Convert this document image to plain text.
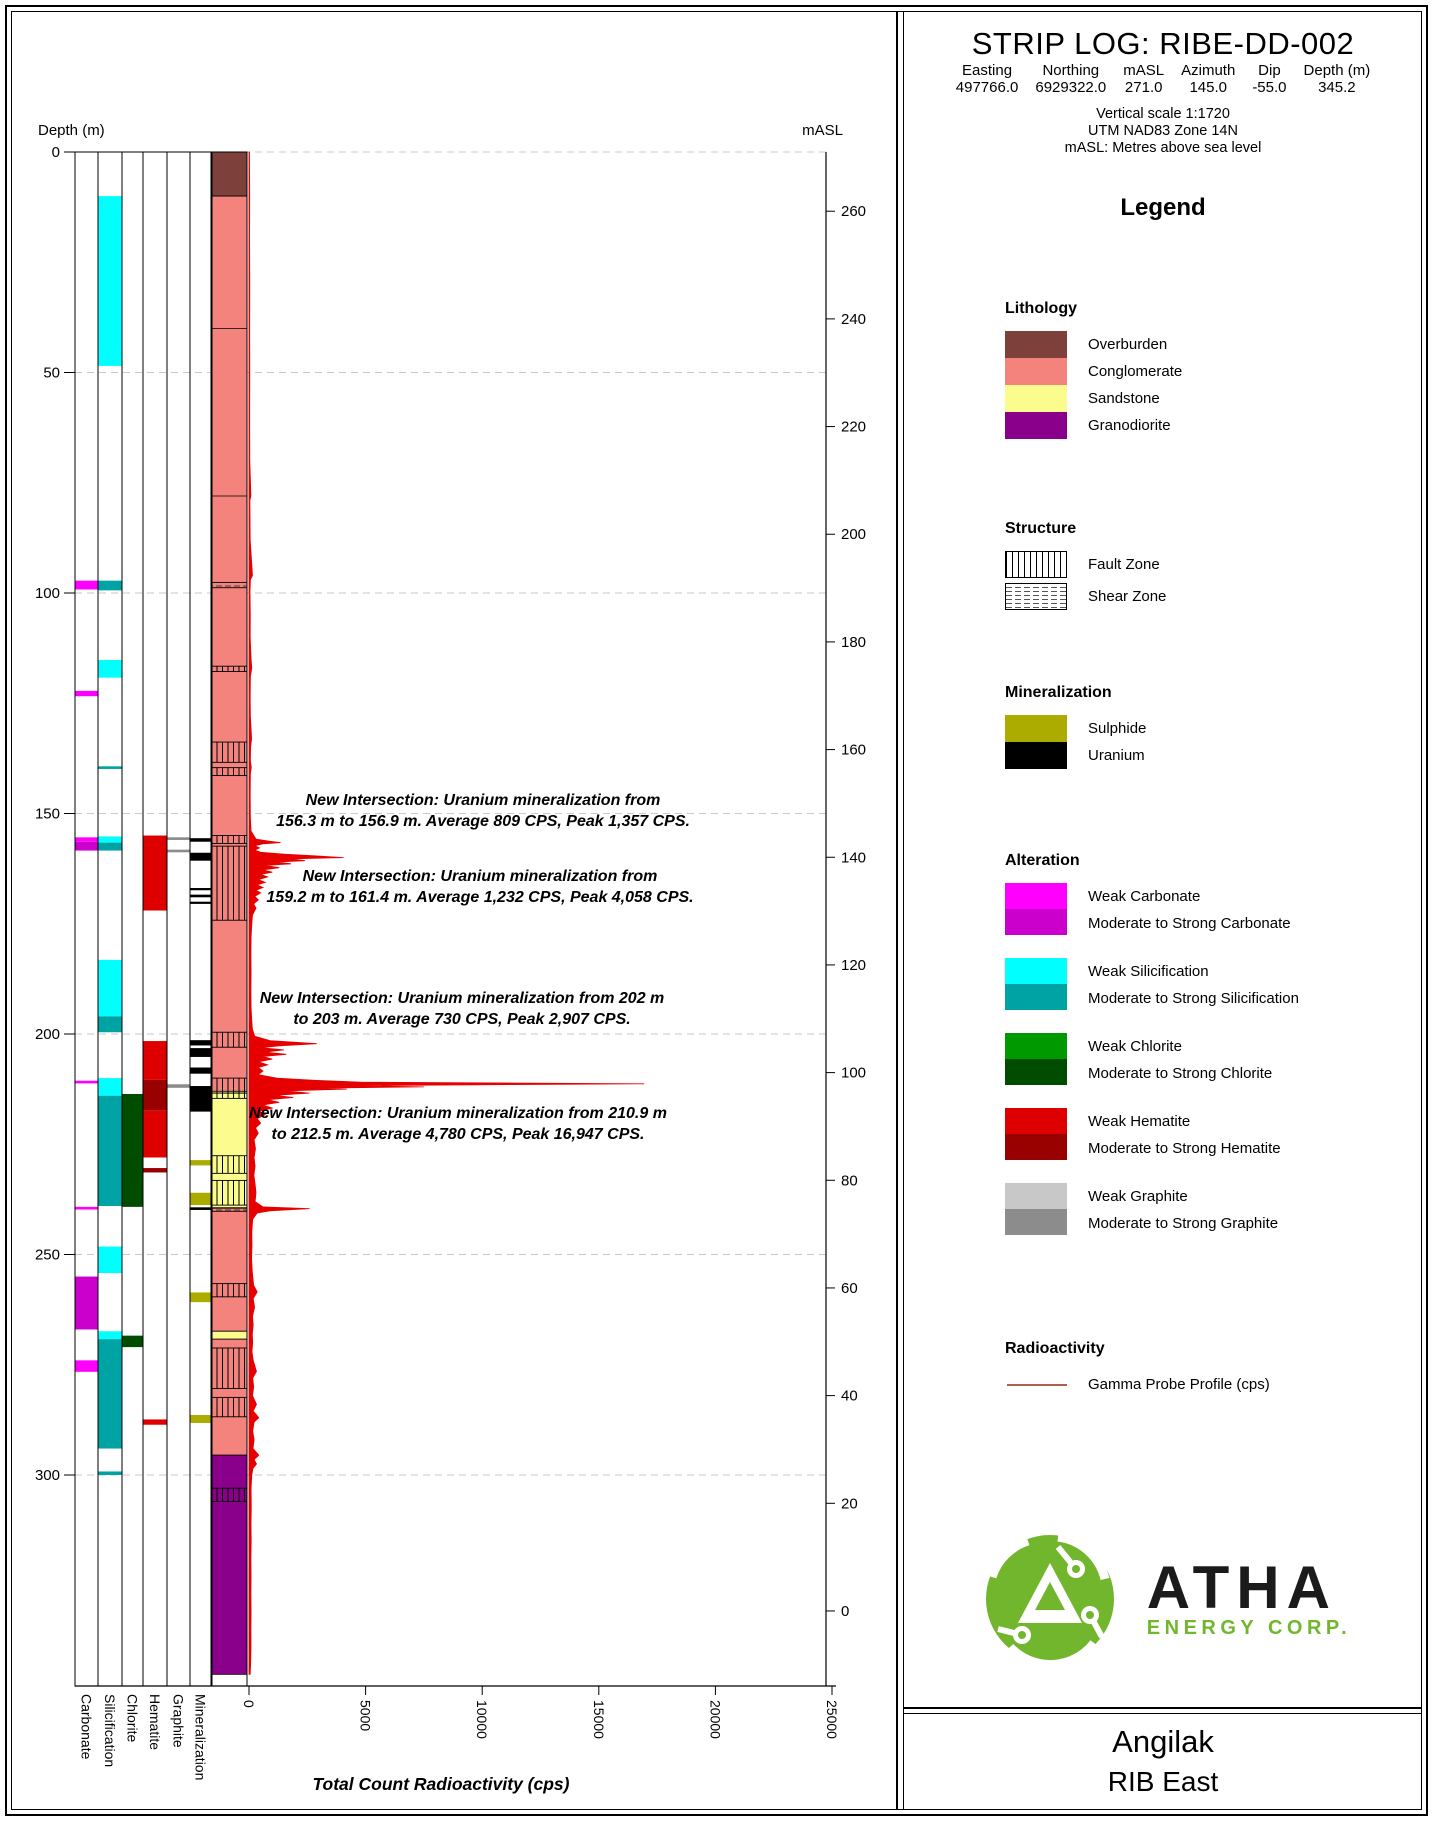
Depth (m)
0
50
100
150
200
250
300
mASL
260
240
220
200
180
160
140
120
100
80
60
40
20
0
0	5000	10000	15000	20000	25000
Total Count Radioactivity (cps)
Carbonate Silicification Chlorite Hematite Graphite Mineralization
New Intersection: Uranium mineralization from 156.3 m to 156.9 m. Average 809 CPS, Peak 1,357 CPS.
New Intersection: Uranium mineralization from 159.2 m to 161.4 m. Average 1,232 CPS, Peak 4,058 CPS.
New Intersection: Uranium mineralization from 202 m to 203 m. Average 730 CPS, Peak 2,907 CPS.
New Intersection: Uranium mineralization from 210.9 m to 212.5 m. Average 4,780 CPS, Peak 16,947 CPS.
STRIP LOG: RIBE-DD-002
Easting
497766.0
Northing
6929322.0
mASL
271.0
Azimuth
145.0
Dip
-55.0
Depth (m)
345.2
Vertical scale 1:1720
UTM NAD83 Zone 14N
mASL: Metres above sea level
Legend
Lithology
Overburden
Conglomerate
Sandstone
Granodiorite
Structure
Fault Zone
Shear Zone
Mineralization
Sulphide
Uranium
Alteration
Weak Carbonate
Moderate to Strong Carbonate
Weak Silicification
Moderate to Strong Silicification
Weak Chlorite
Moderate to Strong Chlorite
Weak Hematite
Moderate to Strong Hematite
Weak Graphite
Moderate to Strong Graphite
Radioactivity
Gamma Probe Profile (cps)
ATHA
ENERGY CORP.
Angilak
RIB East
